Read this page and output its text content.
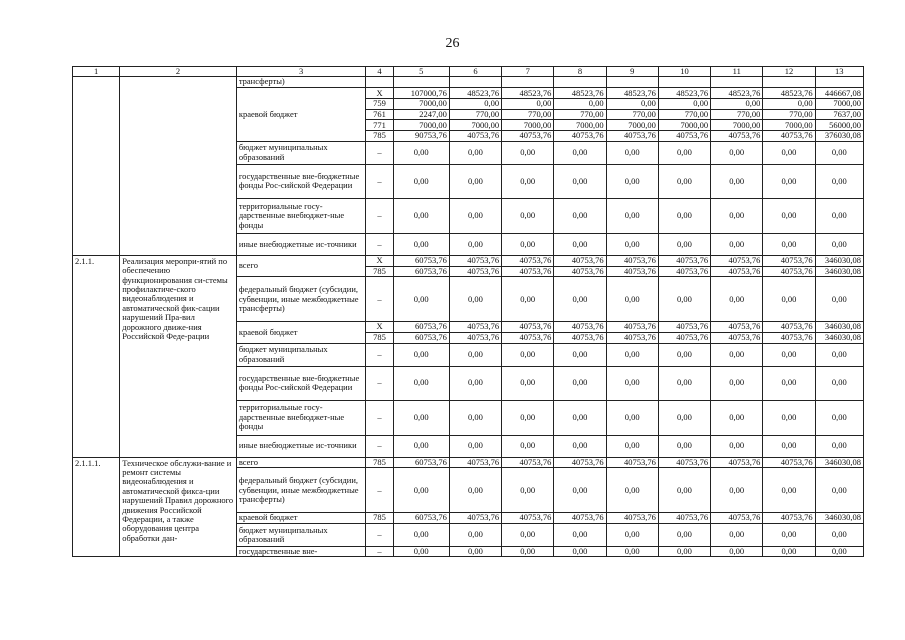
26
1	2	3	4	5	6	7	8	9	10	11	12	13
		трансферты)										
		краевой бюджет	Х	107000,76	48523,76	48523,76	48523,76	48523,76	48523,76	48523,76	48523,76	446667,08
			759	7000,00	0,00	0,00	0,00	0,00	0,00	0,00	0,00	7000,00
			761	2247,00	770,00	770,00	770,00	770,00	770,00	770,00	770,00	7637,00
			771	7000,00	7000,00	7000,00	7000,00	7000,00	7000,00	7000,00	7000,00	56000,00
			785	90753,76	40753,76	40753,76	40753,76	40753,76	40753,76	40753,76	40753,76	376030,08
		бюджет муниципальных образований	–	0,00	0,00	0,00	0,00	0,00	0,00	0,00	0,00	0,00
		государственные вне-бюджетные фонды Рос-сийской Федерации	–	0,00	0,00	0,00	0,00	0,00	0,00	0,00	0,00	0,00
		территориальные госу-дарственные внебюджет-ные фонды	–	0,00	0,00	0,00	0,00	0,00	0,00	0,00	0,00	0,00
		иные внебюджетные ис-точники	–	0,00	0,00	0,00	0,00	0,00	0,00	0,00	0,00	0,00
2.1.1.	Реализация меропри-ятий по обеспечению функционирования си-стемы профилактиче-ского видеонаблюдения и автоматической фик-сации нарушений Пра-вил дорожного движе-ния Российской Феде-рации	всего	Х	60753,76	40753,76	40753,76	40753,76	40753,76	40753,76	40753,76	40753,76	346030,08
			785	60753,76	40753,76	40753,76	40753,76	40753,76	40753,76	40753,76	40753,76	346030,08
		федеральный бюджет (субсидии, субвенции, иные межбюджетные трансферты)	–	0,00	0,00	0,00	0,00	0,00	0,00	0,00	0,00	0,00
		краевой бюджет	Х	60753,76	40753,76	40753,76	40753,76	40753,76	40753,76	40753,76	40753,76	346030,08
			785	60753,76	40753,76	40753,76	40753,76	40753,76	40753,76	40753,76	40753,76	346030,08
		бюджет муниципальных образований	–	0,00	0,00	0,00	0,00	0,00	0,00	0,00	0,00	0,00
		государственные вне-бюджетные фонды Рос-сийской Федерации	–	0,00	0,00	0,00	0,00	0,00	0,00	0,00	0,00	0,00
		территориальные госу-дарственные внебюджет-ные фонды	–	0,00	0,00	0,00	0,00	0,00	0,00	0,00	0,00	0,00
		иные внебюджетные ис-точники	–	0,00	0,00	0,00	0,00	0,00	0,00	0,00	0,00	0,00
2.1.1.1.	Техническое обслужи-вание и ремонт системы видеонаблюдения и автоматической фикса-ции нарушений Правил дорожного движения Российской Федерации, а также оборудования центра обработки дан-	всего	785	60753,76	40753,76	40753,76	40753,76	40753,76	40753,76	40753,76	40753,76	346030,08
		федеральный бюджет (субсидии, субвенции, иные межбюджетные трансферты)	–	0,00	0,00	0,00	0,00	0,00	0,00	0,00	0,00	0,00
		краевой бюджет	785	60753,76	40753,76	40753,76	40753,76	40753,76	40753,76	40753,76	40753,76	346030,08
		бюджет муниципальных образований	–	0,00	0,00	0,00	0,00	0,00	0,00	0,00	0,00	0,00
		государственные вне-	–	0,00	0,00	0,00	0,00	0,00	0,00	0,00	0,00	0,00
